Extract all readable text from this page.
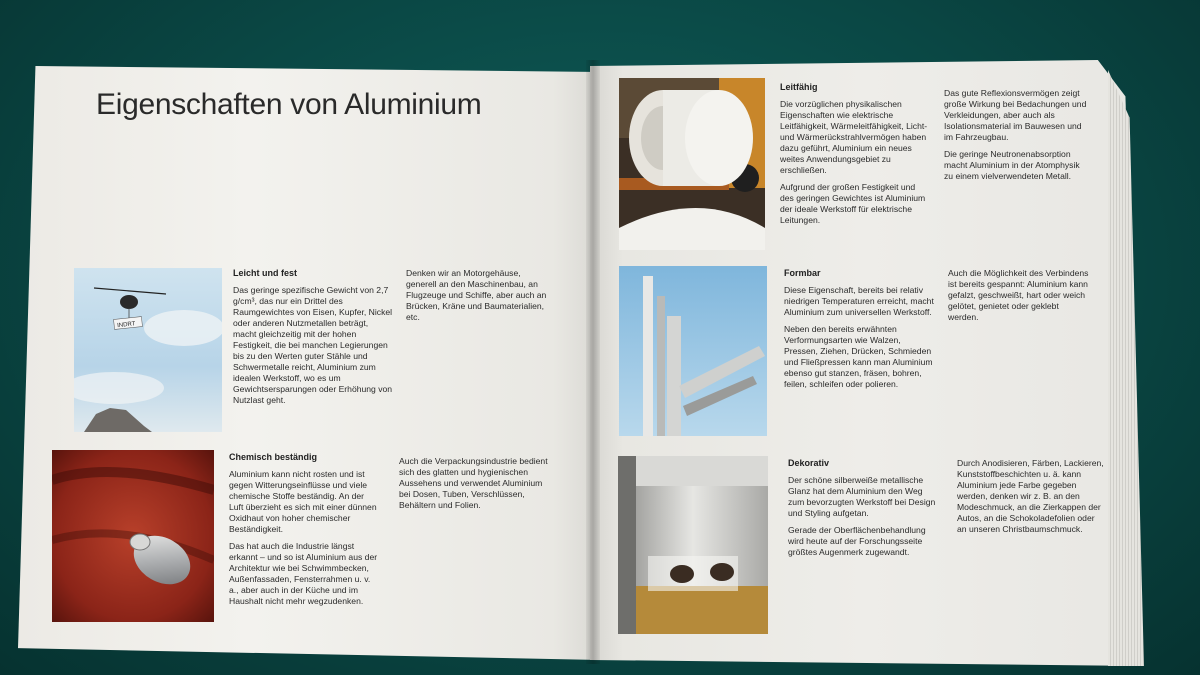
Eigenschaften von Aluminium
INDRT
Leicht und fest

Das geringe spezifische Gewicht von 2,7 g/cm³, das nur ein Drittel des Raumgewichtes von Eisen, Kupfer, Nickel oder anderen Nutzmetallen beträgt, macht gleichzeitig mit der hohen Festigkeit, die bei manchen Legierungen bis zu den Werten guter Stähle und Schwermetalle reicht, Aluminium zum idealen Werkstoff, wo es um Gewichtsersparungen oder Erhöhung von Nutzlast geht.

Denken wir an Motorgehäuse, generell an den Maschinenbau, an Flugzeuge und Schiffe, aber auch an Brücken, Kräne und Baumaterialien, etc.

Chemisch beständig

Aluminium kann nicht rosten und ist gegen Witterungseinflüsse und viele chemische Stoffe beständig. An der Luft überzieht es sich mit einer dünnen Oxidhaut von hoher chemischer Beständigkeit.

Das hat auch die Industrie längst erkannt – und so ist Aluminium aus der Architektur wie bei Schwimmbecken, Außenfassaden, Fensterrahmen u. v. a., aber auch in der Küche und im Haushalt nicht mehr wegzudenken.

Auch die Verpackungsindustrie bedient sich des glatten und hygienischen Aussehens und verwendet Aluminium bei Dosen, Tuben, Verschlüssen, Behältern und Folien.

Leitfähig

Die vorzüglichen physikalischen Eigenschaften wie elektrische Leitfähigkeit, Wärmeleitfähigkeit, Licht- und Wärmerückstrahlvermögen haben dazu geführt, Aluminium ein neues weites Anwendungsgebiet zu erschließen.

Aufgrund der großen Festigkeit und des geringen Gewichtes ist Aluminium der ideale Werkstoff für elektrische Leitungen.

Das gute Reflexionsvermögen zeigt große Wirkung bei Bedachungen und Verkleidungen, aber auch als Isolationsmaterial im Bauwesen und im Fahrzeugbau.

Die geringe Neutronenabsorption macht Aluminium in der Atomphysik zu einem vielverwendeten Metall.

Formbar

Diese Eigenschaft, bereits bei relativ niedrigen Temperaturen erreicht, macht Aluminium zum universellen Werkstoff.

Neben den bereits erwähnten Verformungsarten wie Walzen, Pressen, Ziehen, Drücken, Schmieden und Fließpressen kann man Aluminium ebenso gut stanzen, fräsen, bohren, feilen, schleifen oder polieren.

Auch die Möglichkeit des Verbindens ist bereits gespannt: Aluminium kann gefalzt, geschweißt, hart oder weich gelötet, genietet oder geklebt werden.

Dekorativ

Der schöne silberweiße metallische Glanz hat dem Aluminium den Weg zum bevorzugten Werkstoff bei Design und Styling aufgetan.

Gerade der Oberflächenbehandlung wird heute auf der Forschungsseite größtes Augenmerk zugewandt.

Durch Anodisieren, Färben, Lackieren, Kunststoffbeschichten u. ä. kann Aluminium jede Farbe gegeben werden, denken wir z. B. an den Modeschmuck, an die Zierkappen der Autos, an die Schokoladefolien oder an unseren Christbaumschmuck.
